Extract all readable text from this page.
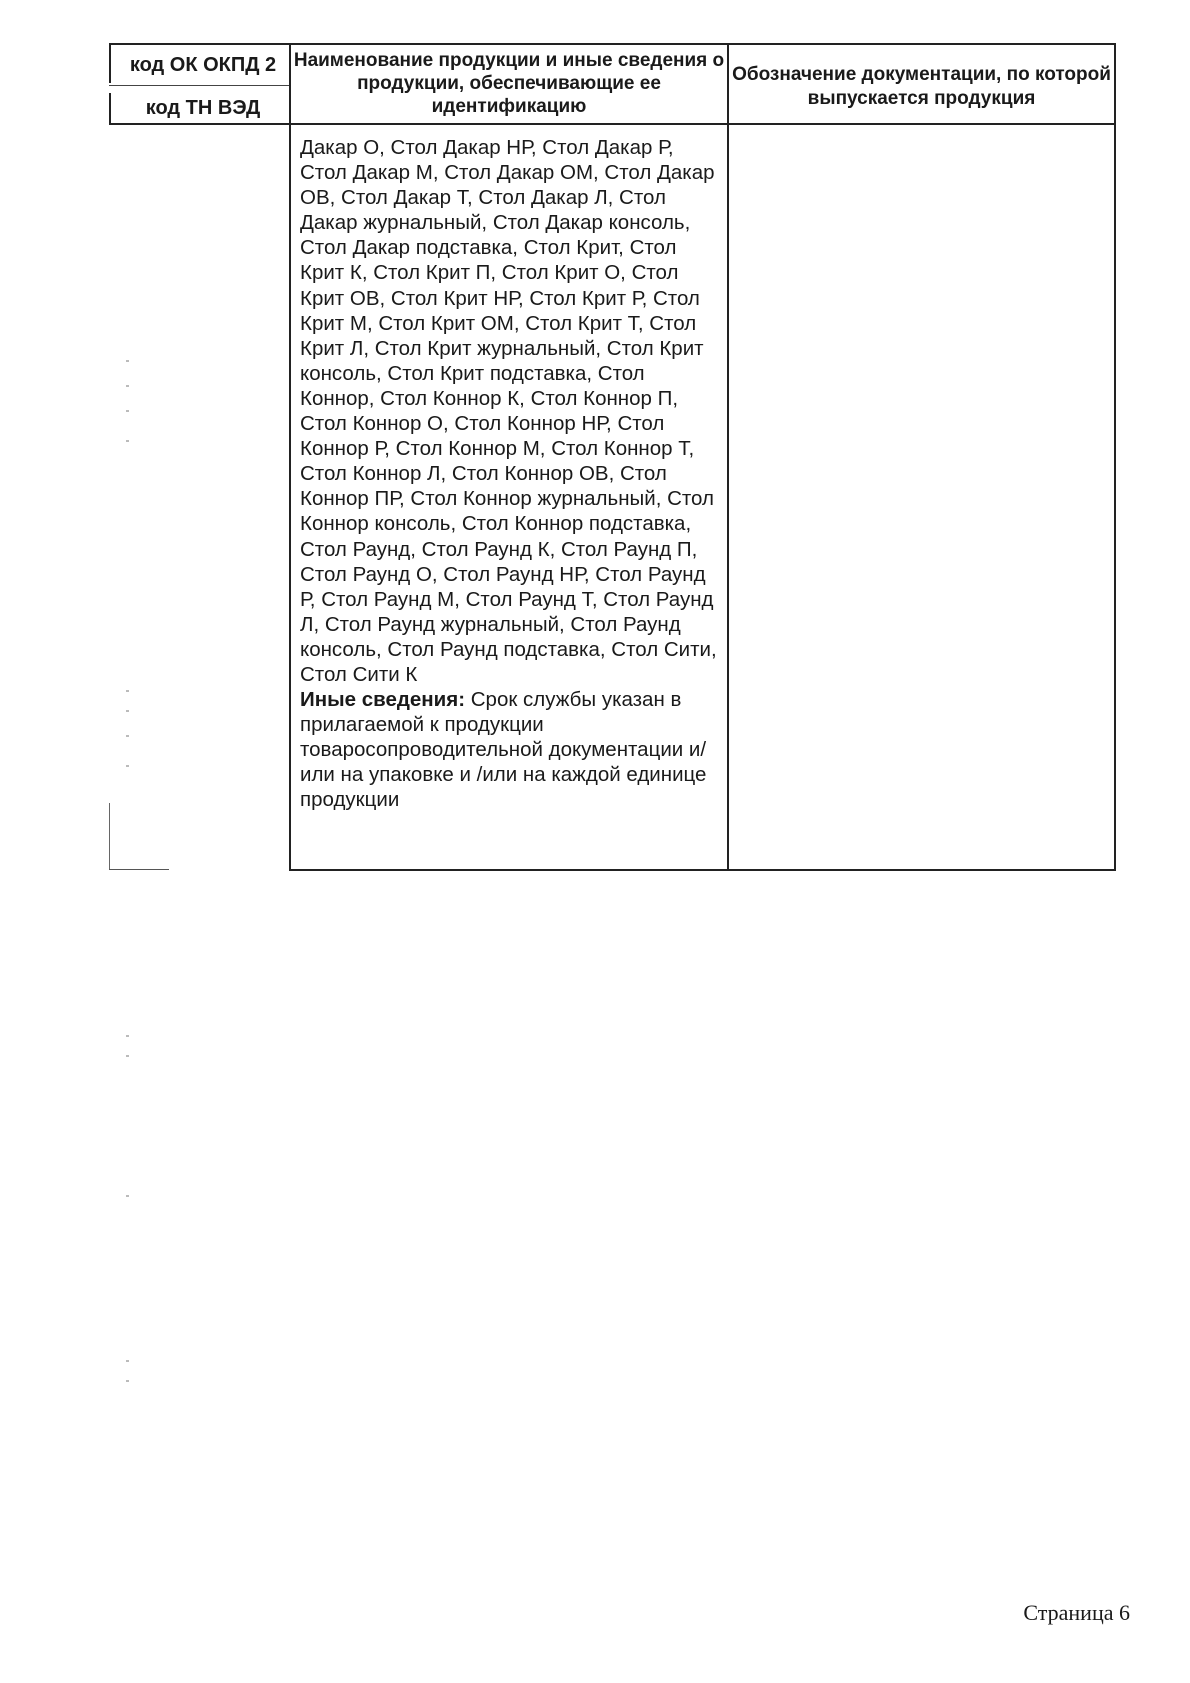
код ОК ОКПД 2
код ТН ВЭД
Наименование продукции и иные сведения о продукции, обеспечивающие ее идентификацию
Обозначение документации, по которой выпускается продукция
Дакар О, Стол Дакар НР, Стол Дакар Р, Стол Дакар М, Стол Дакар ОМ, Стол Дакар ОВ, Стол Дакар Т, Стол Дакар Л, Стол Дакар журнальный, Стол Дакар консоль, Стол Дакар подставка, Стол Крит, Стол Крит К, Стол Крит П, Стол Крит О, Стол Крит ОВ, Стол Крит НР, Стол Крит Р, Стол Крит М, Стол Крит ОМ, Стол Крит Т, Стол Крит Л, Стол Крит журнальный, Стол Крит консоль, Стол Крит подставка, Стол Коннор, Стол Коннор К, Стол Коннор П, Стол Коннор О, Стол Коннор НР, Стол Коннор Р, Стол Коннор М, Стол Коннор Т, Стол Коннор Л, Стол Коннор ОВ, Стол Коннор ПР, Стол Коннор журнальный, Стол Коннор консоль, Стол Коннор подставка, Стол Раунд, Стол Раунд К, Стол Раунд П, Стол Раунд О, Стол Раунд НР, Стол Раунд Р, Стол Раунд М, Стол Раунд Т, Стол Раунд Л, Стол Раунд журнальный, Стол Раунд консоль, Стол Раунд подставка, Стол Сити, Стол Сити К
Иные сведения: Срок службы указан в прилагаемой к продукции товаросопроводительной документации и/или на упаковке и /или на каждой единице продукции
Страница 6
